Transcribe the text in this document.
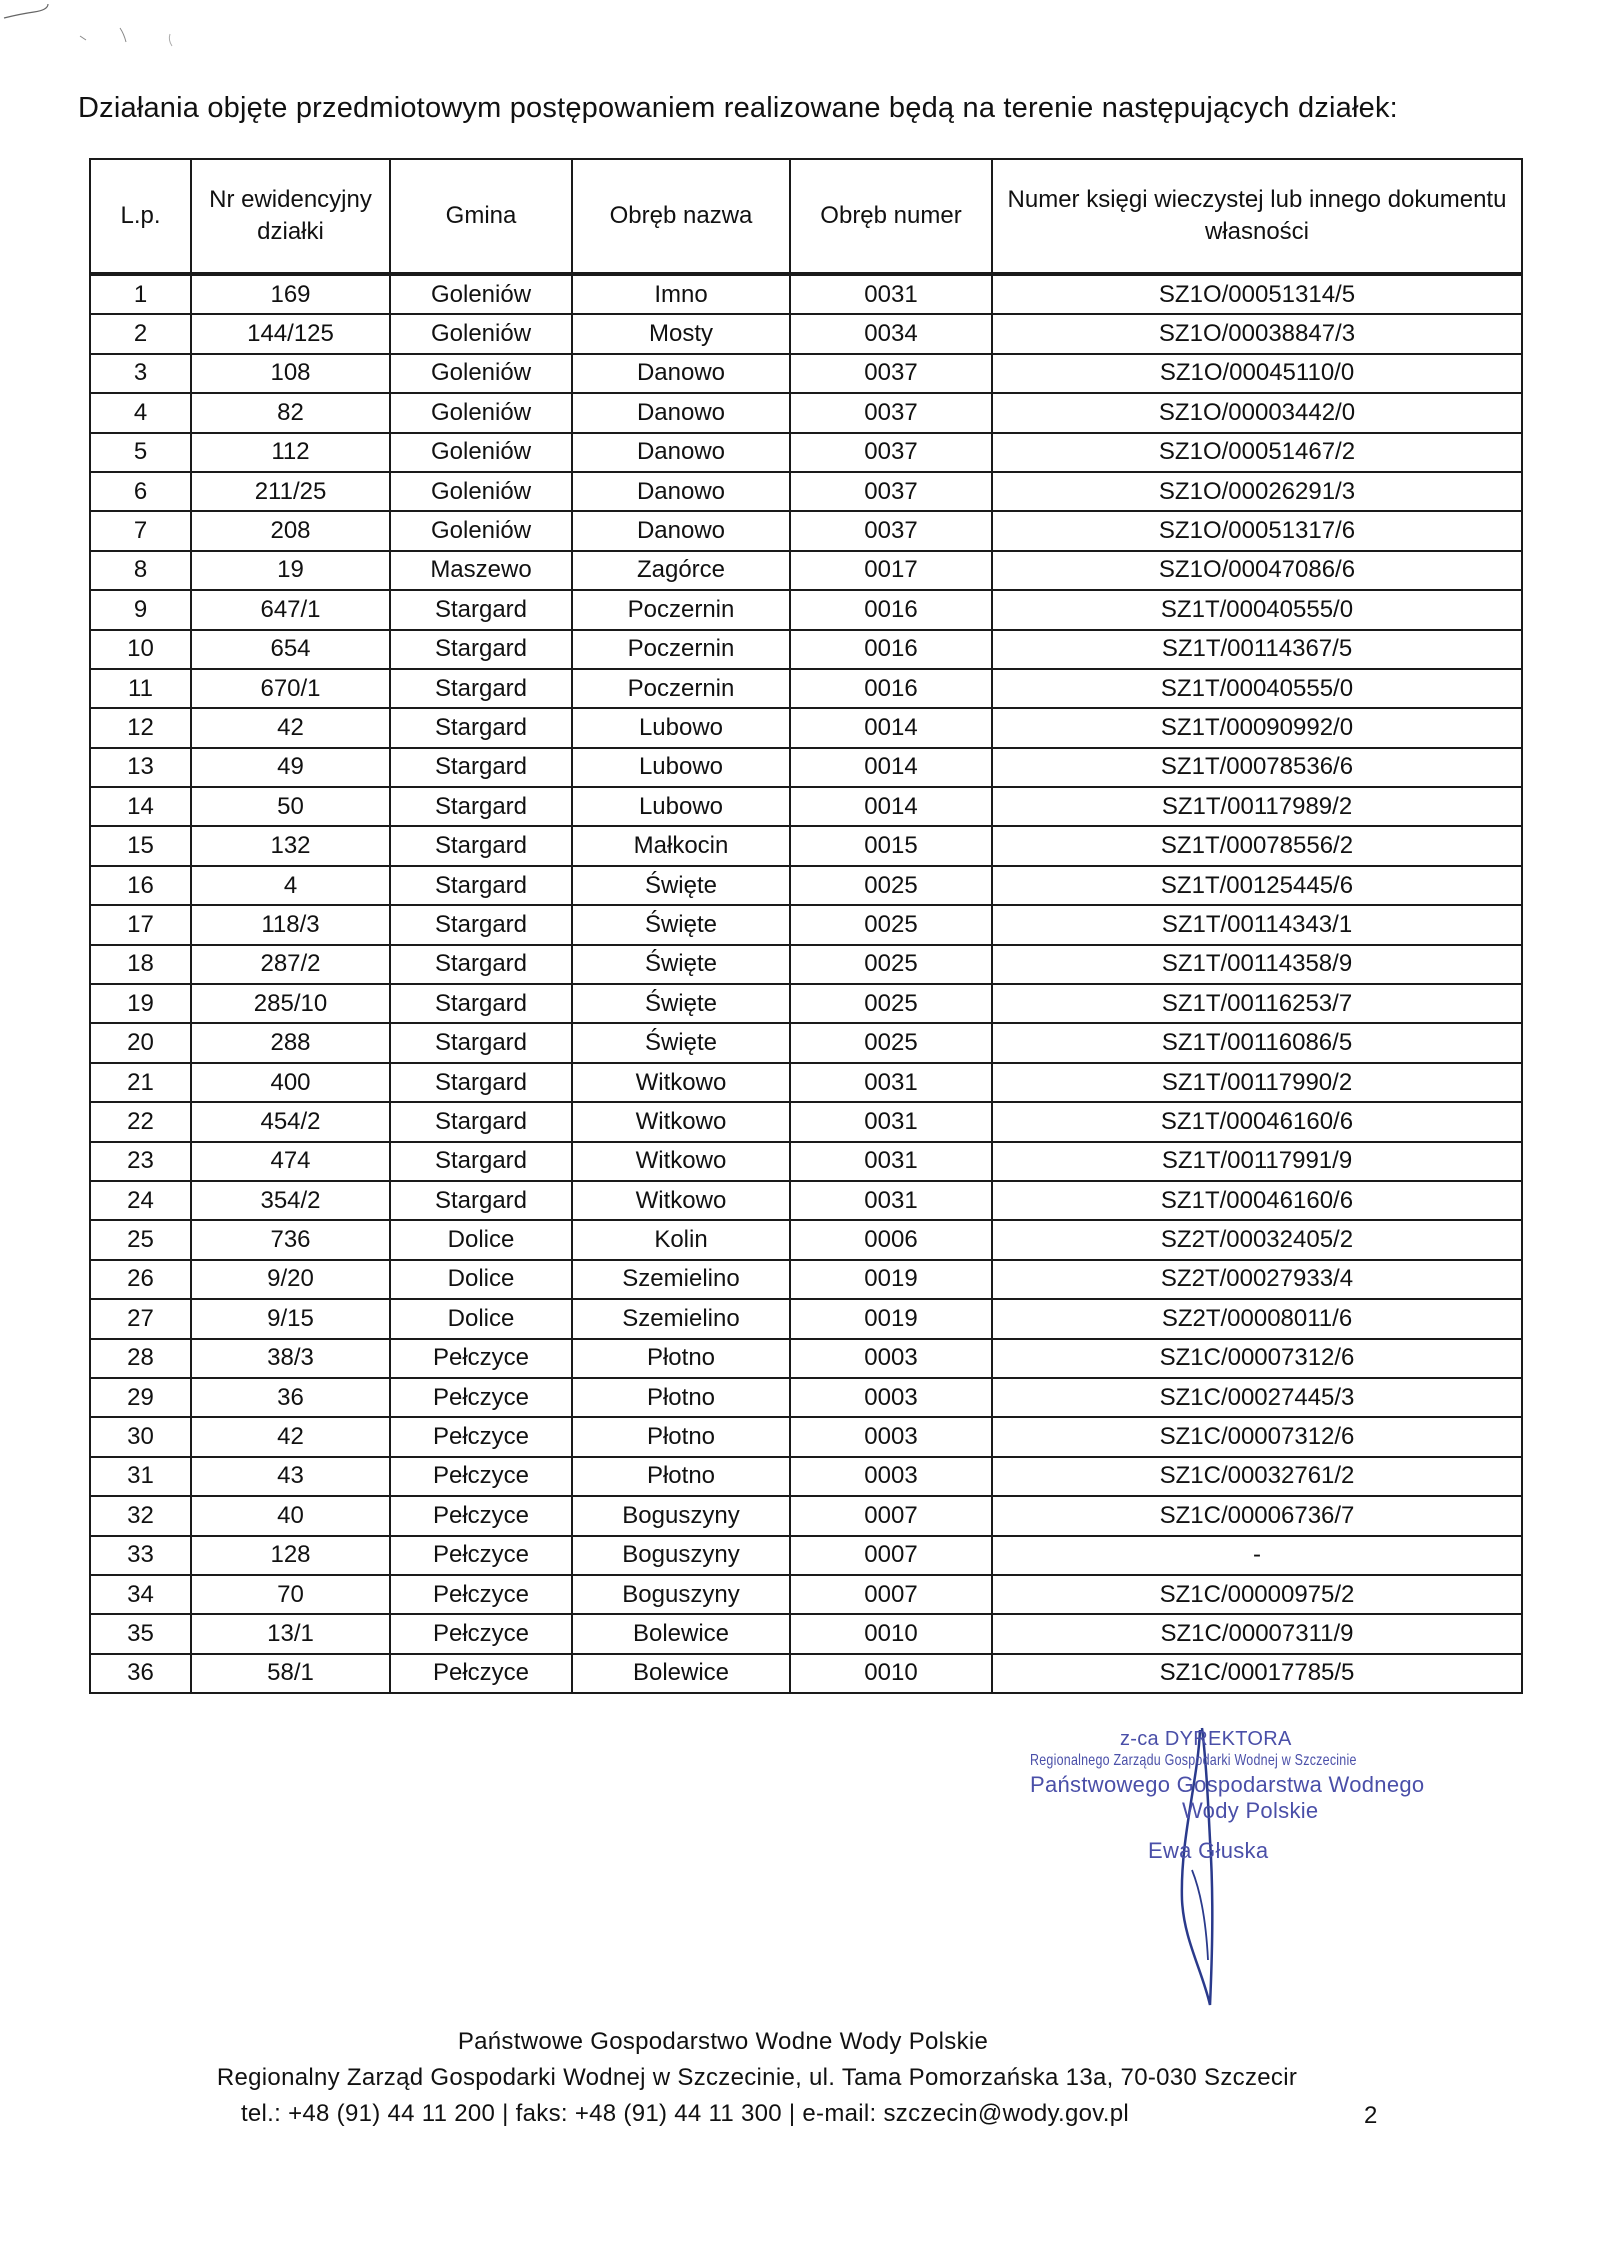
Działania objęte przedmiotowym postępowaniem realizowane będą na terenie następujących działek:
L.p.	Nr ewidencyjny działki	Gmina	Obręb nazwa	Obręb numer	Numer księgi wieczystej lub innego dokumentu własności
1	169	Goleniów	Imno	0031	SZ1O/00051314/5
2	144/125	Goleniów	Mosty	0034	SZ1O/00038847/3
3	108	Goleniów	Danowo	0037	SZ1O/00045110/0
4	82	Goleniów	Danowo	0037	SZ1O/00003442/0
5	112	Goleniów	Danowo	0037	SZ1O/00051467/2
6	211/25	Goleniów	Danowo	0037	SZ1O/00026291/3
7	208	Goleniów	Danowo	0037	SZ1O/00051317/6
8	19	Maszewo	Zagórce	0017	SZ1O/00047086/6
9	647/1	Stargard	Poczernin	0016	SZ1T/00040555/0
10	654	Stargard	Poczernin	0016	SZ1T/00114367/5
11	670/1	Stargard	Poczernin	0016	SZ1T/00040555/0
12	42	Stargard	Lubowo	0014	SZ1T/00090992/0
13	49	Stargard	Lubowo	0014	SZ1T/00078536/6
14	50	Stargard	Lubowo	0014	SZ1T/00117989/2
15	132	Stargard	Małkocin	0015	SZ1T/00078556/2
16	4	Stargard	Święte	0025	SZ1T/00125445/6
17	118/3	Stargard	Święte	0025	SZ1T/00114343/1
18	287/2	Stargard	Święte	0025	SZ1T/00114358/9
19	285/10	Stargard	Święte	0025	SZ1T/00116253/7
20	288	Stargard	Święte	0025	SZ1T/00116086/5
21	400	Stargard	Witkowo	0031	SZ1T/00117990/2
22	454/2	Stargard	Witkowo	0031	SZ1T/00046160/6
23	474	Stargard	Witkowo	0031	SZ1T/00117991/9
24	354/2	Stargard	Witkowo	0031	SZ1T/00046160/6
25	736	Dolice	Kolin	0006	SZ2T/00032405/2
26	9/20	Dolice	Szemielino	0019	SZ2T/00027933/4
27	9/15	Dolice	Szemielino	0019	SZ2T/00008011/6
28	38/3	Pełczyce	Płotno	0003	SZ1C/00007312/6
29	36	Pełczyce	Płotno	0003	SZ1C/00027445/3
30	42	Pełczyce	Płotno	0003	SZ1C/00007312/6
31	43	Pełczyce	Płotno	0003	SZ1C/00032761/2
32	40	Pełczyce	Boguszyny	0007	SZ1C/00006736/7
33	128	Pełczyce	Boguszyny	0007	-
34	70	Pełczyce	Boguszyny	0007	SZ1C/00000975/2
35	13/1	Pełczyce	Bolewice	0010	SZ1C/00007311/9
36	58/1	Pełczyce	Bolewice	0010	SZ1C/00017785/5
z-ca DYREKTORA
Regionalnego Zarządu Gospodarki Wodnej w Szczecinie
Państwowego Gospodarstwa Wodnego
Wody Polskie
Ewa Głuska
Państwowe Gospodarstwo Wodne Wody Polskie
Regionalny Zarząd Gospodarki Wodnej w Szczecinie, ul. Tama Pomorzańska 13a, 70-030 Szczecir
tel.: +48 (91) 44 11 200 | faks: +48 (91) 44 11 300 | e-mail: szczecin@wody.gov.pl	2
